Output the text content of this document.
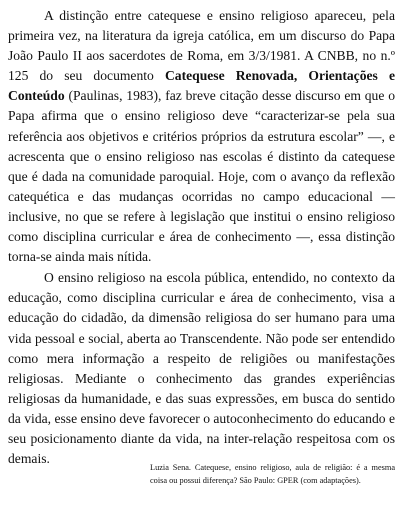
A distinção entre catequese e ensino religioso apareceu, pela primeira vez, na literatura da igreja católica, em um discurso do Papa João Paulo II aos sacerdotes de Roma, em 3/3/1981. A CNBB, no n.º 125 do seu documento Catequese Renovada, Orientações e Conteúdo (Paulinas, 1983), faz breve citação desse discurso em que o Papa afirma que o ensino religioso deve “caracterizar-se pela sua referência aos objetivos e critérios próprios da estrutura escolar” —, e acrescenta que o ensino religioso nas escolas é distinto da catequese que é dada na comunidade paroquial. Hoje, com o avanço da reflexão catequética e das mudanças ocorridas no campo educacional — inclusive, no que se refere à legislação que institui o ensino religioso como disciplina curricular e área de conhecimento —, essa distinção torna-se ainda mais nítida.

O ensino religioso na escola pública, entendido, no contexto da educação, como disciplina curricular e área de conhecimento, visa a educação do cidadão, da dimensão religiosa do ser humano para uma vida pessoal e social, aberta ao Transcendente. Não pode ser entendido como mera informação a respeito de religiões ou manifestações religiosas. Mediante o conhecimento das grandes experiências religiosas da humanidade, e das suas expressões, em busca do sentido da vida, esse ensino deve favorecer o autoconhecimento do educando e seu posicionamento diante da vida, na inter-relação respeitosa com os demais.

Luzia Sena. Catequese, ensino religioso, aula de religião: é a mesma coisa ou possui diferença? São Paulo: GPER (com adaptações).
